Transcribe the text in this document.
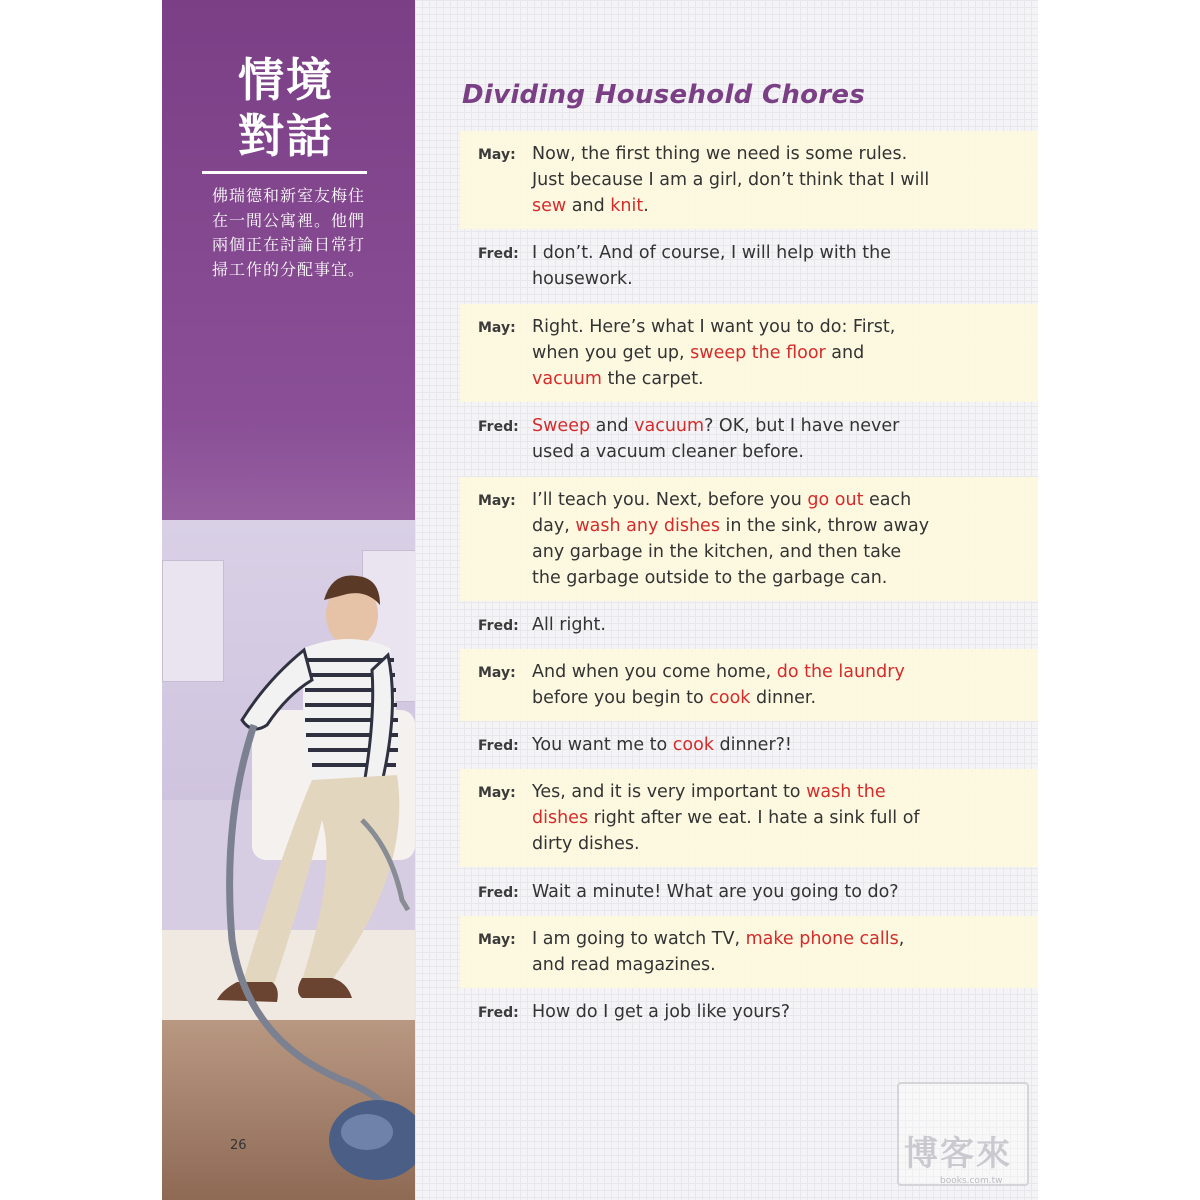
情境
對話
佛瑞德和新室友梅住在一間公寓裡。他們兩個正在討論日常打掃工作的分配事宜。
26
Dividing Household Chores
May: Now, the first thing we need is some rules. Just because I am a girl, don’t think that I will sew and knit.
Fred: I don’t. And of course, I will help with the housework.
May: Right. Here’s what I want you to do: First, when you get up, sweep the floor and vacuum the carpet.
Fred: Sweep and vacuum? OK, but I have never used a vacuum cleaner before.
May: I’ll teach you. Next, before you go out each day, wash any dishes in the sink, throw away any garbage in the kitchen, and then take the garbage outside to the garbage can.
Fred: All right.
May: And when you come home, do the laundry before you begin to cook dinner.
Fred: You want me to cook dinner?!
May: Yes, and it is very important to wash the dishes right after we eat. I hate a sink full of dirty dishes.
Fred: Wait a minute! What are you going to do?
May: I am going to watch TV, make phone calls, and read magazines.
Fred: How do I get a job like yours?
博客來
books.com.tw
